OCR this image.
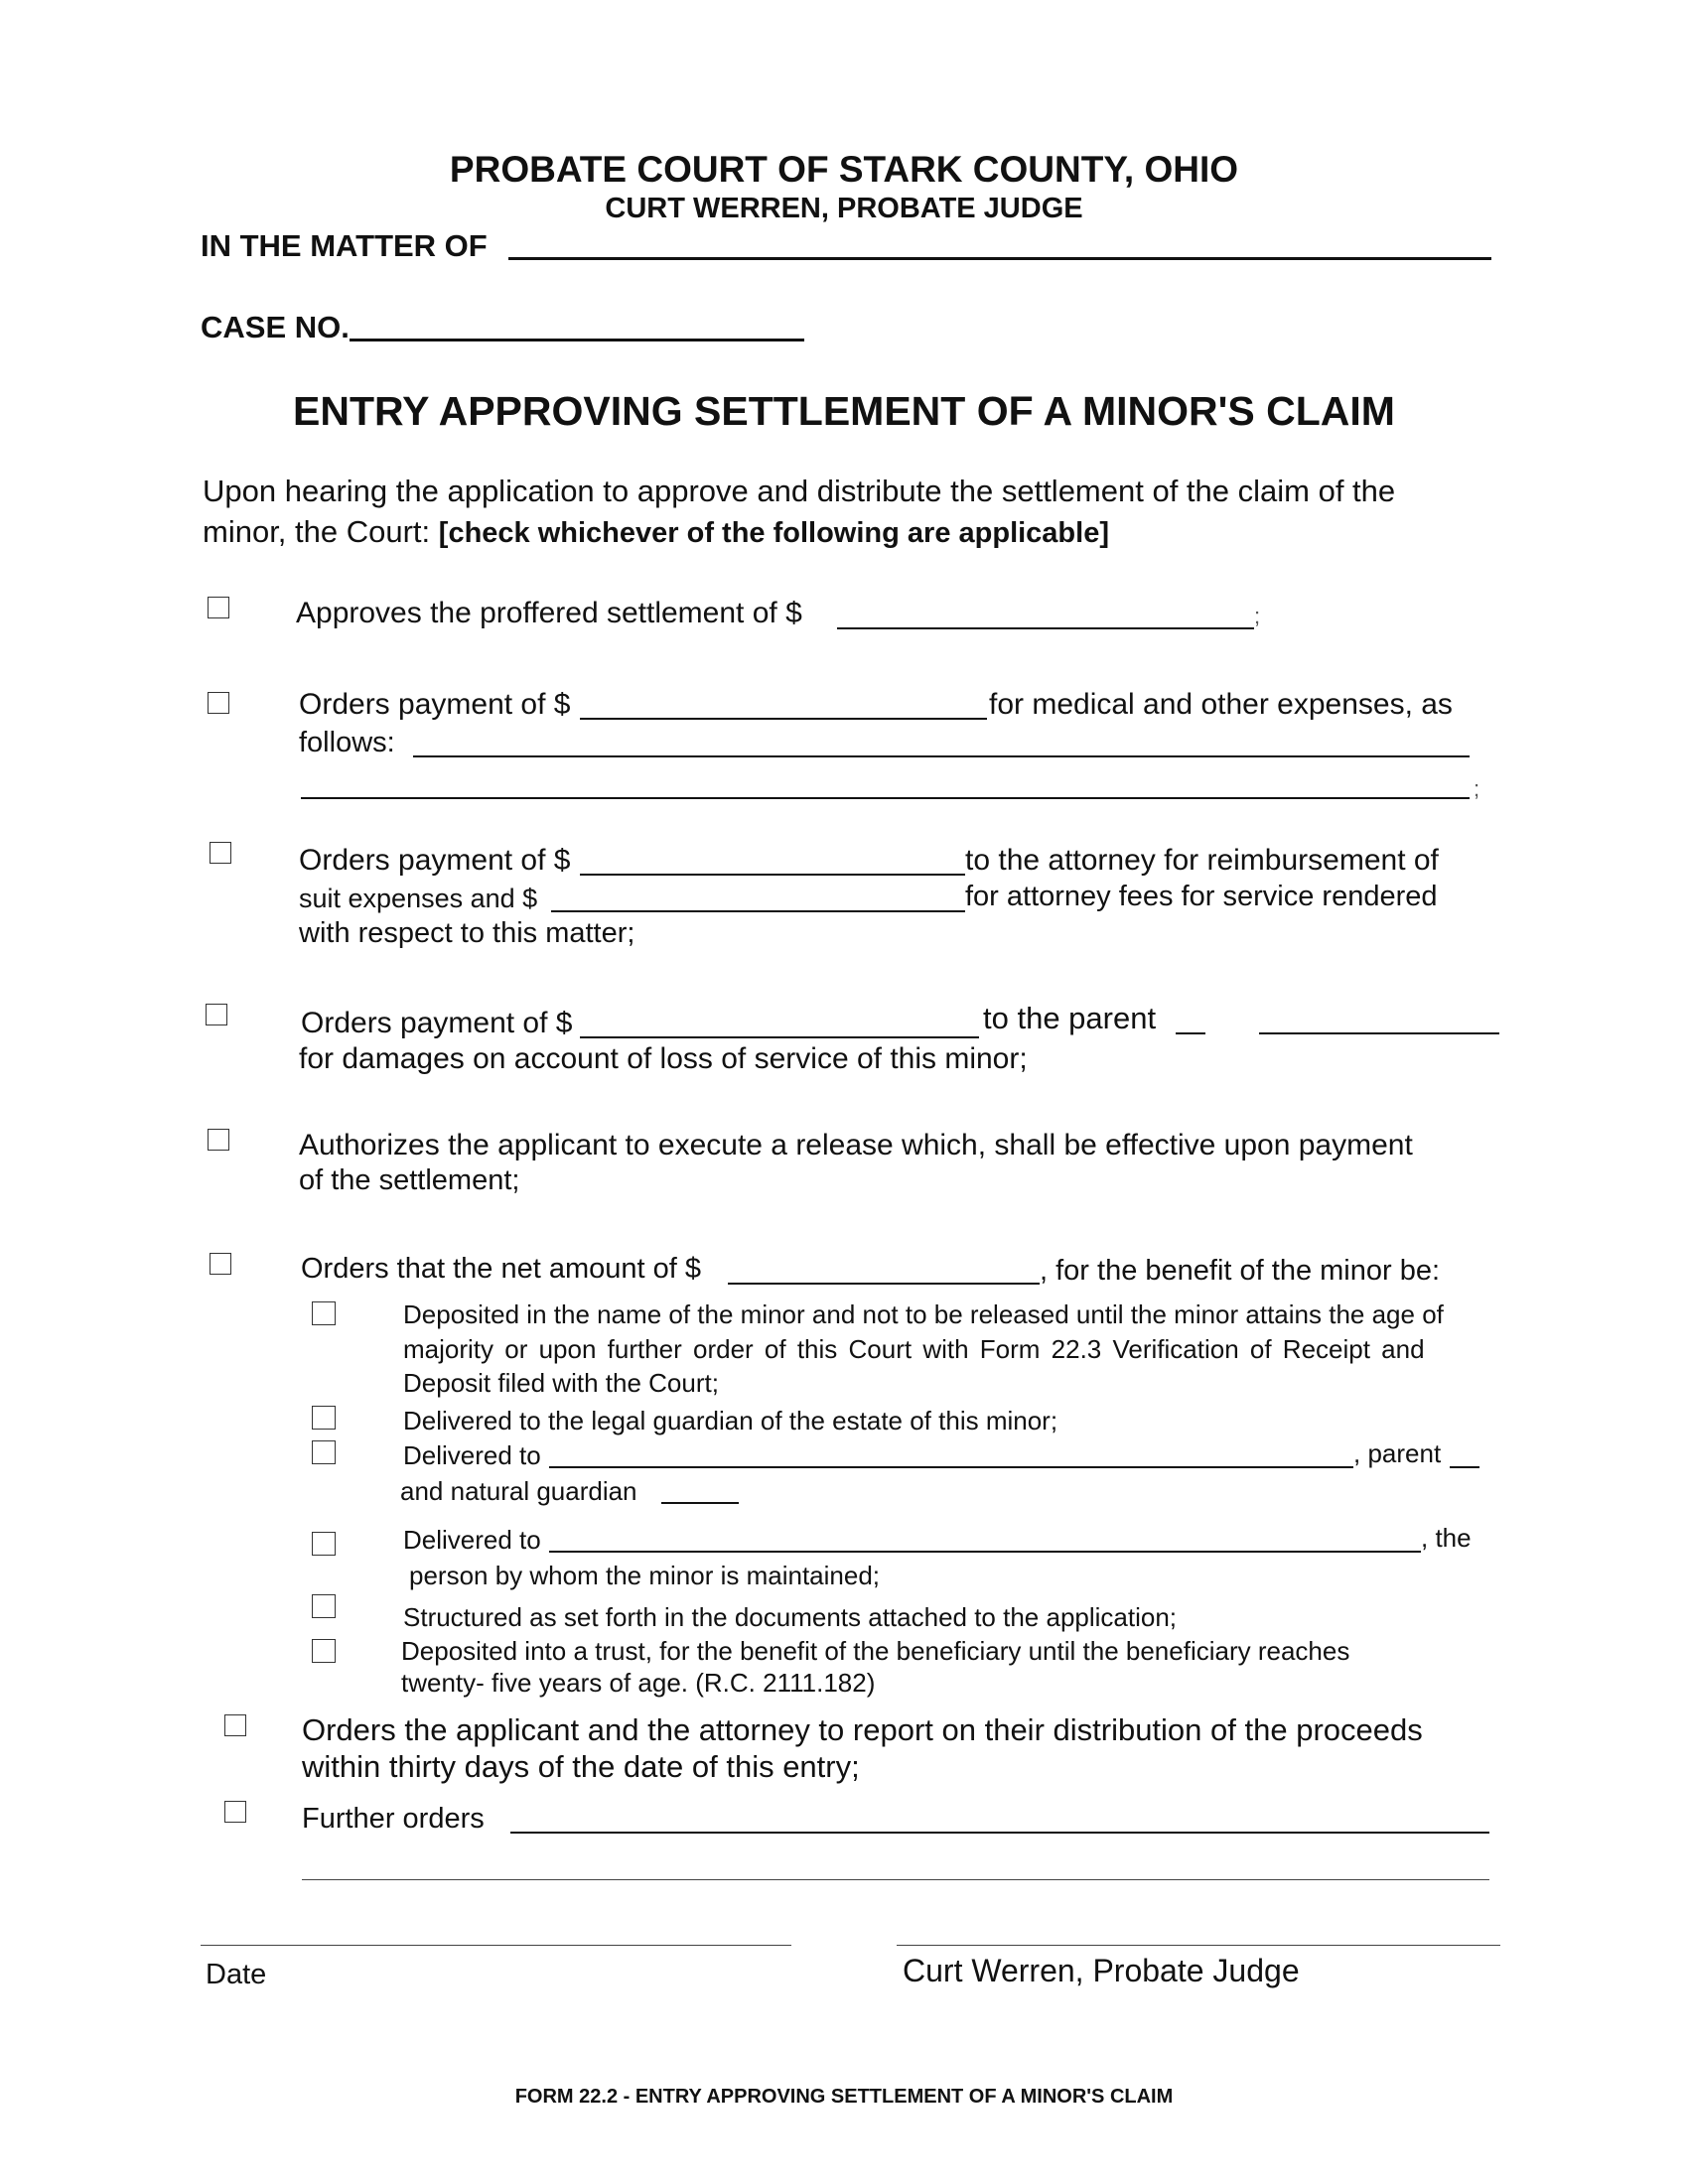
PROBATE COURT OF STARK COUNTY, OHIO
CURT WERREN, PROBATE JUDGE
IN THE MATTER OF
CASE NO.
ENTRY APPROVING SETTLEMENT OF A MINOR'S CLAIM
Upon hearing the application to approve and distribute the settlement of the claim of the
minor, the Court: [check whichever of the following are applicable]
Approves the proffered settlement of $	;
Orders payment of $	for medical and other expenses, as
follows:
;
Orders payment of $	to the attorney for reimbursement of
suit expenses and $	for attorney fees for service rendered
with respect to this matter;
Orders payment of $	to the parent
for damages on account of loss of service of this minor;
Authorizes the applicant to execute a release which, shall be effective upon payment
of the settlement;
Orders that the net amount of $	, for the benefit of the minor be:
Deposited in the name of the minor and not to be released until the minor attains the age of
majority or upon further order of this Court with Form 22.3 Verification of Receipt and
Deposit filed with the Court;
Delivered to the legal guardian of the estate of this minor;
Delivered to	, parent
and natural guardian
Delivered to	, the
person by whom the minor is maintained;
Structured as set forth in the documents attached to the application;
Deposited into a trust, for the benefit of the beneficiary until the beneficiary reaches
twenty- five years of age. (R.C. 2111.182)
Orders the applicant and the attorney to report on their distribution of the proceeds
within thirty days of the date of this entry;
Further orders
Date	Curt Werren, Probate Judge
FORM 22.2 - ENTRY APPROVING SETTLEMENT OF A MINOR'S CLAIM
